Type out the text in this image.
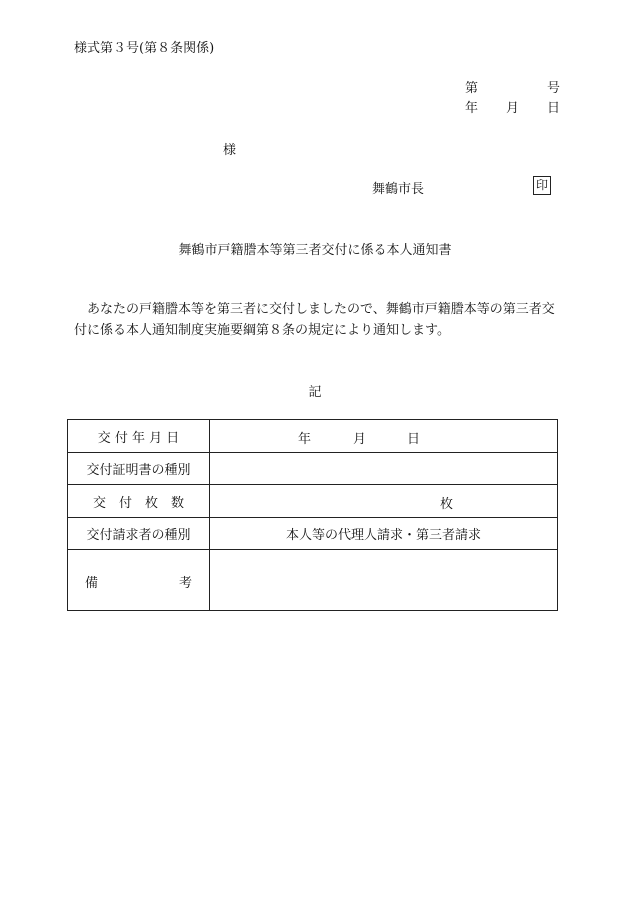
様式第３号(第８条関係)
第	号
年 月 日
様
舞鶴市長	印
舞鶴市戸籍謄本等第三者交付に係る本人通知書
あなたの戸籍謄本等を第三者に交付しましたので、舞鶴市戸籍謄本等の第三者交付に係る本人通知制度実施要綱第８条の規定により通知します。
記
交 付 年 月 日	年 月 日

交付証明書の種別	
交　付　枚　数	枚

交付請求者の種別	本人等の代理人請求・第三者請求

備 考	
